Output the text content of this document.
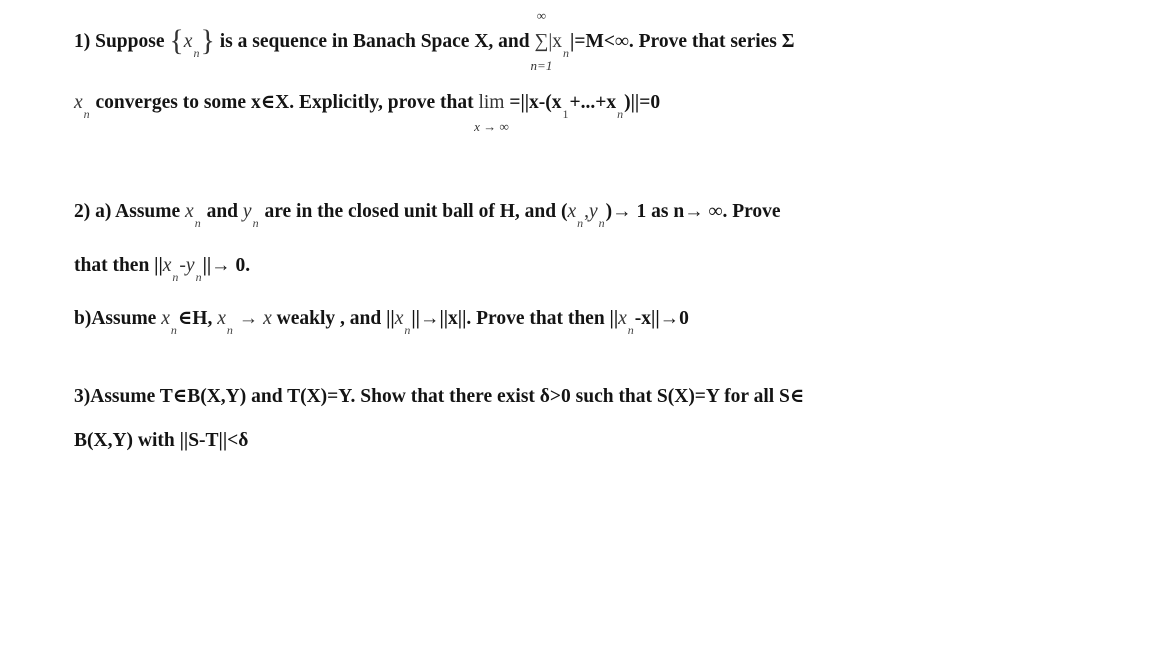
1) Suppose $\{x_n\}$ is a sequence in Banach Space X, and
∞
∑
n=1
$|x_n|=M<\infty$. Prove that series Σ
$x_n$ converges to some x∈X. Explicitly, prove that lim
x → ∞
$=||x-(x_1+...+x_n)||=0$
2) a) Assume $x_n$ and $y_n$ are in the closed unit ball of H, and $(x_n,y_n)\to 1$ as n→ ∞. Prove
that then $||x_n-y_n||\to 0$.
b)Assume $x_n\in H$, $x_n \to x$ weakly , and $||x_n||\to||x||$. Prove that then $||x_n-x||\to 0$
3)Assume T∈B(X,Y) and T(X)=Y. Show that there exist δ>0 such that S(X)=Y for all S∈
B(X,Y) with ||S-T||<δ
